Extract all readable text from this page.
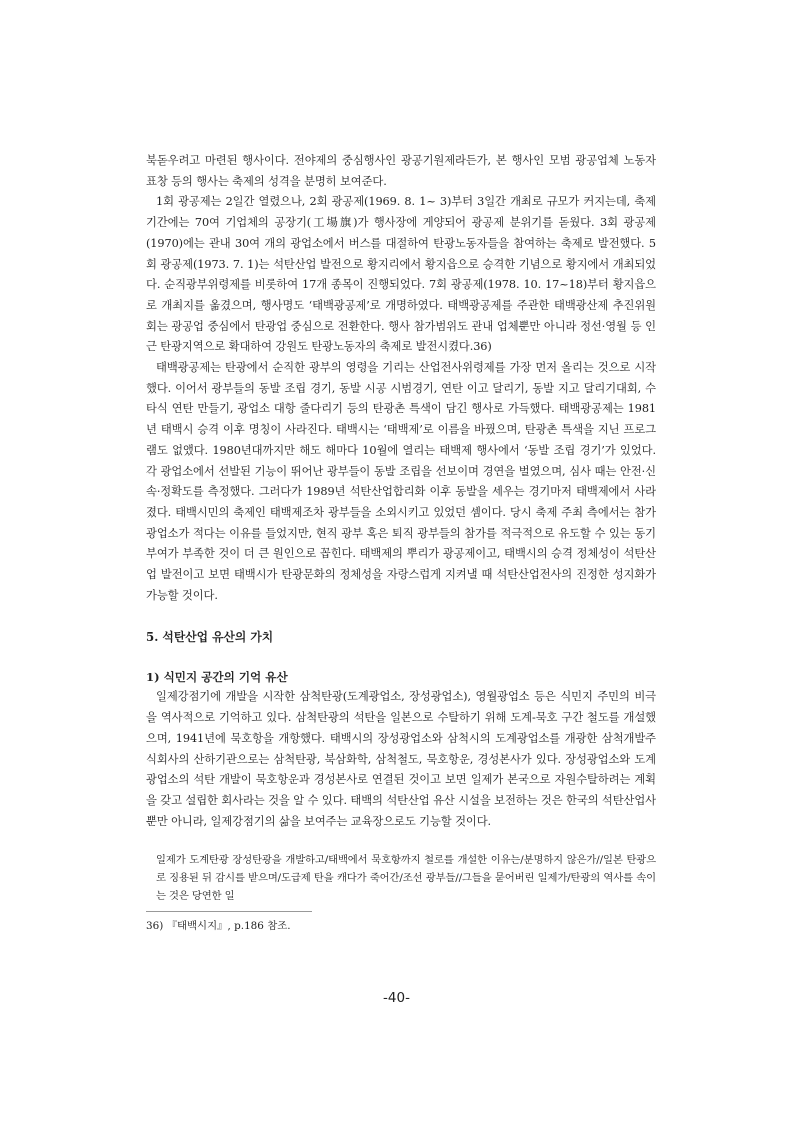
북돋우려고 마련된 행사이다. 전야제의 중심행사인 광공기원제라든가, 본 행사인 모범 광공업체 노동자 표창 등의 행사는 축제의 성격을 분명히 보여준다.

1회 광공제는 2일간 열렸으나, 2회 광공제(1969. 8. 1~ 3)부터 3일간 개최로 규모가 커지는데, 축제 기간에는 70여 기업체의 공장기(工場旗)가 행사장에 게양되어 광공제 분위기를 돋웠다. 3회 광공제(1970)에는 관내 30여 개의 광업소에서 버스를 대절하여 탄광노동자들을 참여하는 축제로 발전했다. 5회 광공제(1973. 7. 1)는 석탄산업 발전으로 황지리에서 황지읍으로 승격한 기념으로 황지에서 개최되었다. 순직광부위령제를 비롯하여 17개 종목이 진행되었다. 7회 광공제(1978. 10. 17~18)부터 황지읍으로 개최지를 옮겼으며, 행사명도 ‘태백광공제’로 개명하였다. 태백광공제를 주관한 태백광산제 추진위원회는 광공업 중심에서 탄광업 중심으로 전환한다. 행사 참가범위도 관내 업체뿐만 아니라 정선·영월 등 인근 탄광지역으로 확대하여 강원도 탄광노동자의 축제로 발전시켰다.36)

태백광공제는 탄광에서 순직한 광부의 영령을 기리는 산업전사위령제를 가장 먼저 올리는 것으로 시작했다. 이어서 광부들의 동발 조립 경기, 동발 시공 시범경기, 연탄 이고 달리기, 동발 지고 달리기대회, 수타식 연탄 만들기, 광업소 대항 줄다리기 등의 탄광촌 특색이 담긴 행사로 가득했다. 태백광공제는 1981년 태백시 승격 이후 명칭이 사라진다. 태백시는 ‘태백제’로 이름을 바꿨으며, 탄광촌 특색을 지닌 프로그램도 없앴다. 1980년대까지만 해도 해마다 10월에 열리는 태백제 행사에서 ‘동발 조립 경기’가 있었다. 각 광업소에서 선발된 기능이 뛰어난 광부들이 동발 조립을 선보이며 경연을 벌였으며, 심사 때는 안전·신속·정확도를 측정했다. 그러다가 1989년 석탄산업합리화 이후 동발을 세우는 경기마저 태백제에서 사라졌다. 태백시민의 축제인 태백제조차 광부들을 소외시키고 있었던 셈이다. 당시 축제 주최 측에서는 참가 광업소가 적다는 이유를 들었지만, 현직 광부 혹은 퇴직 광부들의 참가를 적극적으로 유도할 수 있는 동기부여가 부족한 것이 더 큰 원인으로 꼽힌다. 태백제의 뿌리가 광공제이고, 태백시의 승격 정체성이 석탄산업 발전이고 보면 태백시가 탄광문화의 정체성을 자랑스럽게 지켜낼 때 석탄산업전사의 진정한 성지화가 가능할 것이다.

5. 석탄산업 유산의 가치
1) 식민지 공간의 기억 유산

일제강점기에 개발을 시작한 삼척탄광(도계광업소, 장성광업소), 영월광업소 등은 식민지 주민의 비극을 역사적으로 기억하고 있다. 삼척탄광의 석탄을 일본으로 수탈하기 위해 도계-묵호 구간 철도를 개설했으며, 1941년에 묵호항을 개항했다. 태백시의 장성광업소와 삼척시의 도계광업소를 개광한 삼척개발주식회사의 산하기관으로는 삼척탄광, 북삼화학, 삼척철도, 묵호항운, 경성본사가 있다. 장성광업소와 도계광업소의 석탄 개발이 묵호항운과 경성본사로 연결된 것이고 보면 일제가 본국으로 자원수탈하려는 계획을 갖고 설립한 회사라는 것을 알 수 있다. 태백의 석탄산업 유산 시설을 보전하는 것은 한국의 석탄산업사 뿐만 아니라, 일제강점기의 삶을 보여주는 교육장으로도 기능할 것이다.

일제가 도계탄광 장성탄광을 개발하고/태백에서 묵호항까지 철로를 개설한 이유는/분명하지 않은가//일본 탄광으로 징용된 뒤 감시를 받으며/도급제 탄을 캐다가 죽어간/조선 광부들//그들을 묻어버린 일제가/탄광의 역사를 속이는 것은 당연한 일

36) 『태백시지』, p.186 참조.
-40-
